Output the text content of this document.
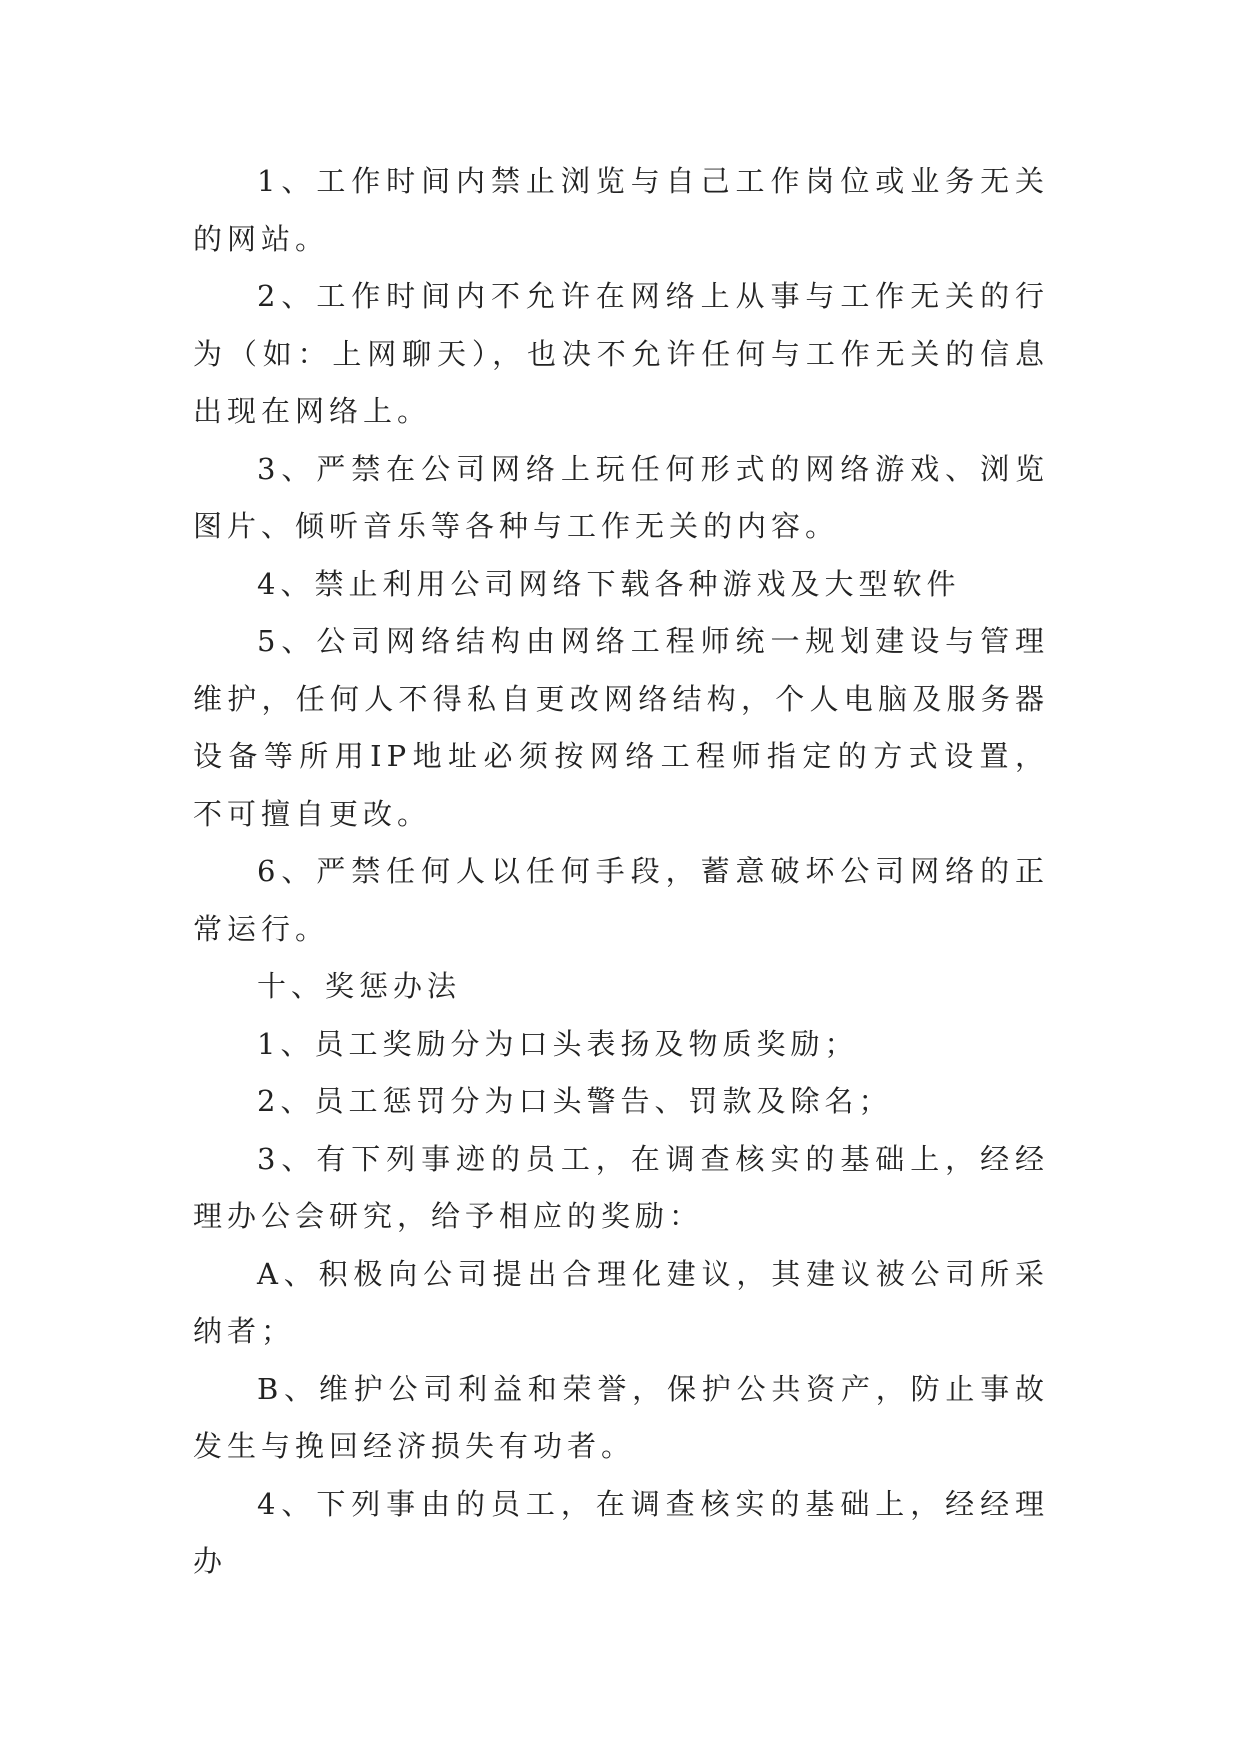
1、工作时间内禁止浏览与自己工作岗位或业务无关的网站。

2、工作时间内不允许在网络上从事与工作无关的行为（如：上网聊天），也决不允许任何与工作无关的信息出现在网络上。

3、严禁在公司网络上玩任何形式的网络游戏、浏览图片、倾听音乐等各种与工作无关的内容。

4、禁止利用公司网络下载各种游戏及大型软件

5、公司网络结构由网络工程师统一规划建设与管理维护，任何人不得私自更改网络结构，个人电脑及服务器设备等所用IP地址必须按网络工程师指定的方式设置，不可擅自更改。

6、严禁任何人以任何手段，蓄意破坏公司网络的正常运行。

十、奖惩办法

1、员工奖励分为口头表扬及物质奖励；

2、员工惩罚分为口头警告、罚款及除名；

3、有下列事迹的员工，在调查核实的基础上，经经理办公会研究，给予相应的奖励：

A、积极向公司提出合理化建议，其建议被公司所采纳者；

B、维护公司利益和荣誉，保护公共资产，防止事故发生与挽回经济损失有功者。

4、下列事由的员工，在调查核实的基础上，经经理办
